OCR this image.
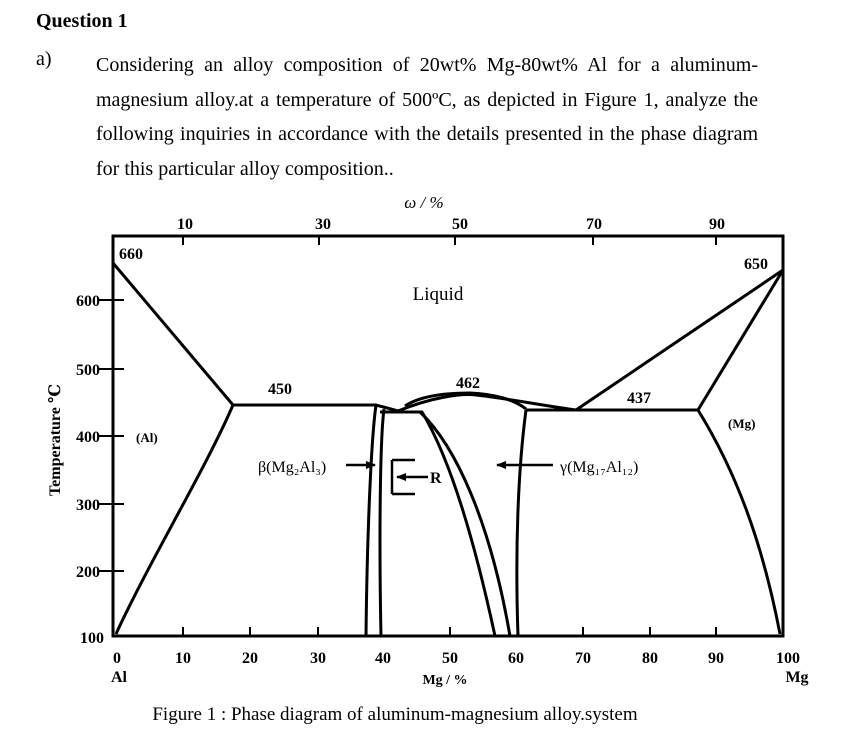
Question 1
a) Considering an alloy composition of 20wt% Mg-80wt% Al for a aluminum-
magnesium alloy.at a temperature of 500ºC, as depicted in Figure 1, analyze the
following inquiries in accordance with the details presented in the phase diagram
for this particular alloy composition..
ω / %
10	30	50	70	90
Temperature ℃
600
500
400
300
200
100
0	10	20	30	40	50	60	70	80	90	100
Al	Mg
Mg / %
660
650
450	462
437
Liquid
(Al)
(Mg)
β(Mg₂Al₃)	γ(Mg₁₇Al₁₂)
R
Figure 1 : Phase diagram of aluminum-magnesium alloy.system
